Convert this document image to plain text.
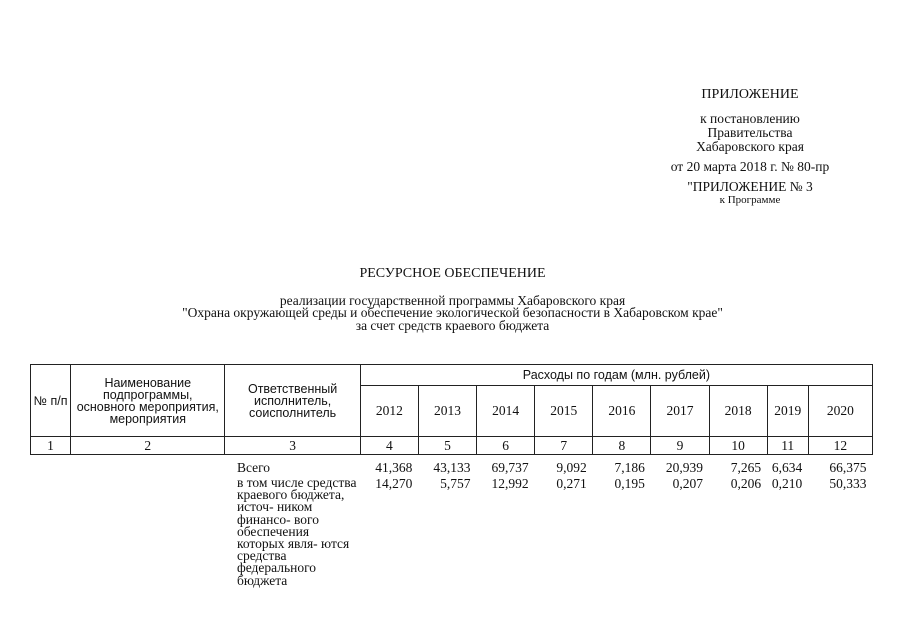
ПРИЛОЖЕНИЕ
к постановлению
Правительства
Хабаровского края
от 20 марта 2018 г. № 80-пр
"ПРИЛОЖЕНИЕ № 3
к Программе
РЕСУРСНОЕ ОБЕСПЕЧЕНИЕ
реализации государственной программы Хабаровского края
"Охрана окружающей среды и обеспечение экологической безопасности в Хабаровском крае"
за счет средств краевого бюджета
№ п/п	Наименование подпрограммы, основного мероприятия, мероприятия	Ответственный исполнитель, соисполнитель	Расходы по годам (млн. рублей)								
			2012	2013	2014	2015	2016	2017	2018	2019	2020
1	2	3	4	5	6	7	8	9	10	11	12

		Всего	41,368	43,133	69,737	9,092	7,186	20,939	7,265	6,634	66,375

		в том числе средства краевого бюджета, источ- ником финансо- вого обеспечения которых явля- ются средства федерального бюджета	14,270	5,757	12,992	0,271	0,195	0,207	0,206	0,210	50,333
